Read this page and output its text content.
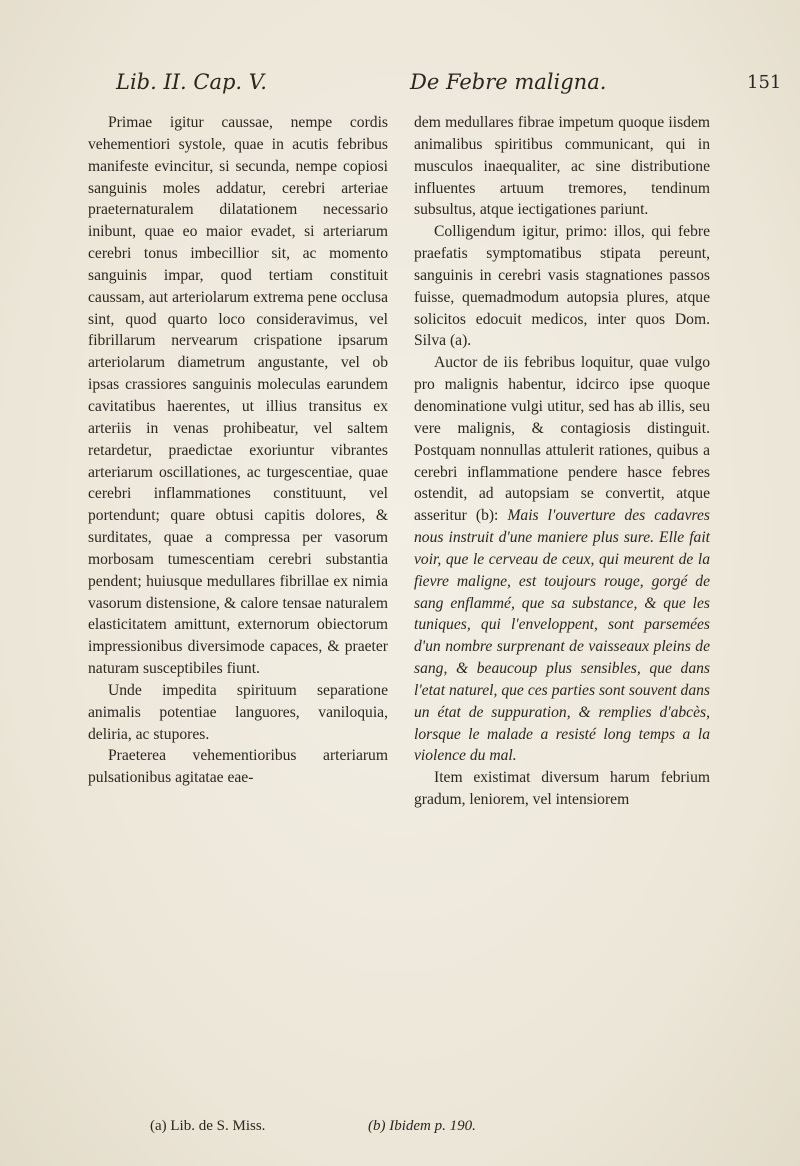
Lib. II. Cap. V.	De Febre maligna.	151

Primae igitur caussae, nempe cordis vehementiori systole, quae in acutis febribus manifeste evincitur, si secunda, nempe copiosi sanguinis moles addatur, cerebri arteriae praeternaturalem dilatationem necessario inibunt, quae eo maior evadet, si arteriarum cerebri tonus imbecillior sit, ac momento sanguinis impar, quod tertiam constituit caussam, aut arteriolarum extrema pene occlusa sint, quod quarto loco consideravimus, vel fibrillarum nervearum crispatione ipsarum arteriolarum diametrum angustante, vel ob ipsas crassiores sanguinis moleculas earundem cavitatibus haerentes, ut illius transitus ex arteriis in venas prohibeatur, vel saltem retardetur, praedictae exoriuntur vibrantes arteriarum oscillationes, ac turgescentiae, quae cerebri inflammationes constituunt, vel portendunt; quare obtusi capitis dolores, & surditates, quae a compressa per vasorum morbosam tumescentiam cerebri substantia pendent; huiusque medullares fibrillae ex nimia vasorum distensione, & calore tensae naturalem elasticitatem amittunt, externorum obiectorum impressionibus diversimode capaces, & praeter naturam susceptibiles fiunt.

Unde impedita spirituum separatione animalis potentiae languores, vaniloquia, deliria, ac stupores.

Praeterea vehementioribus arteriarum pulsationibus agitatae eae-

dem medullares fibrae impetum quoque iisdem animalibus spiritibus communicant, qui in musculos inaequaliter, ac sine distributione influentes artuum tremores, tendinum subsultus, atque iectigationes pariunt.

Colligendum igitur, primo: illos, qui febre praefatis symptomatibus stipata pereunt, sanguinis in cerebri vasis stagnationes passos fuisse, quemadmodum autopsia plures, atque solicitos edocuit medicos, inter quos Dom. Silva (a).

Auctor de iis febribus loquitur, quae vulgo pro malignis habentur, idcirco ipse quoque denominatione vulgi utitur, sed has ab illis, seu vere malignis, & contagiosis distinguit. Postquam nonnullas attulerit rationes, quibus a cerebri inflammatione pendere hasce febres ostendit, ad autopsiam se convertit, atque asseritur (b): Mais l'ouverture des cadavres nous instruit d'une maniere plus sure. Elle fait voir, que le cerveau de ceux, qui meurent de la fievre maligne, est toujours rouge, gorgé de sang enflammé, que sa substance, & que les tuniques, qui l'enveloppent, sont parsemées d'un nombre surprenant de vaisseaux pleins de sang, & beaucoup plus sensibles, que dans l'etat naturel, que ces parties sont souvent dans un état de suppuration, & remplies d'abcès, lorsque le malade a resisté long temps a la violence du mal.

Item existimat diversum harum febrium gradum, leniorem, vel intensiorem

(a) Lib. de S. Miss.	(b) Ibidem p. 190.
